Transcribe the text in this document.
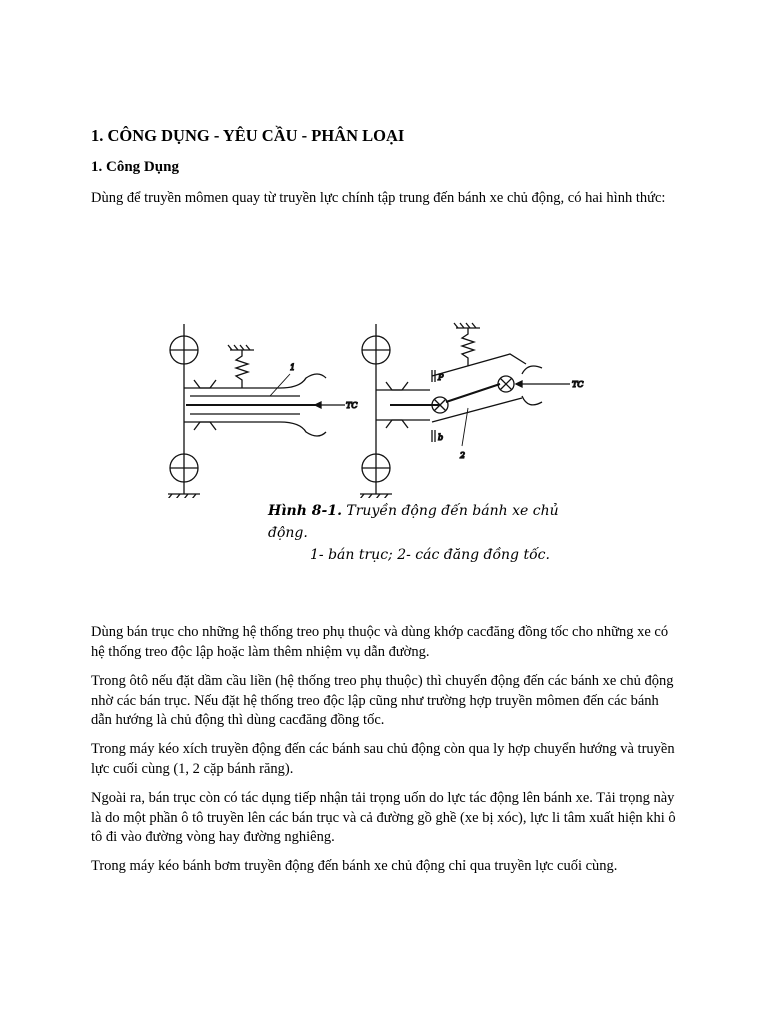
1. CÔNG DỤNG - YÊU CẦU - PHÂN LOẠI
1. Công Dụng

Dùng để truyền mômen quay từ truyền lực chính tập trung đến bánh xe chủ động, có hai hình thức:

1
TC
P
b
2
TC
Hình 8-1. Truyền động đến bánh xe chủ động.
1- bán trục; 2- các đăng đồng tốc.

Dùng bán trục cho những hệ thống treo phụ thuộc và dùng khớp cacđăng đồng tốc cho những xe có hệ thống treo độc lập hoặc làm thêm nhiệm vụ dẫn đường.

Trong ôtô nếu đặt dầm cầu liền (hệ thống treo phụ thuộc) thì chuyển động đến các bánh xe chủ động nhờ các bán trục. Nếu đặt hệ thống treo độc lập cũng như trường hợp truyền mômen đến các bánh dẫn hướng là chủ động thì dùng cacđăng đồng tốc.

Trong máy kéo xích truyền động đến các bánh sau chủ động còn qua ly hợp chuyển hướng và truyền lực cuối cùng (1, 2 cặp bánh răng).

Ngoài ra, bán trục còn có tác dụng tiếp nhận tải trọng uốn do lực tác động lên bánh xe. Tải trọng này là do một phần ô tô truyền lên các bán trục và cả đường gồ ghề (xe bị xóc), lực li tâm xuất hiện khi ô tô đi vào đường vòng hay đường nghiêng.

Trong máy kéo bánh bơm truyền động đến bánh xe chủ động chỉ qua truyền lực cuối cùng.
